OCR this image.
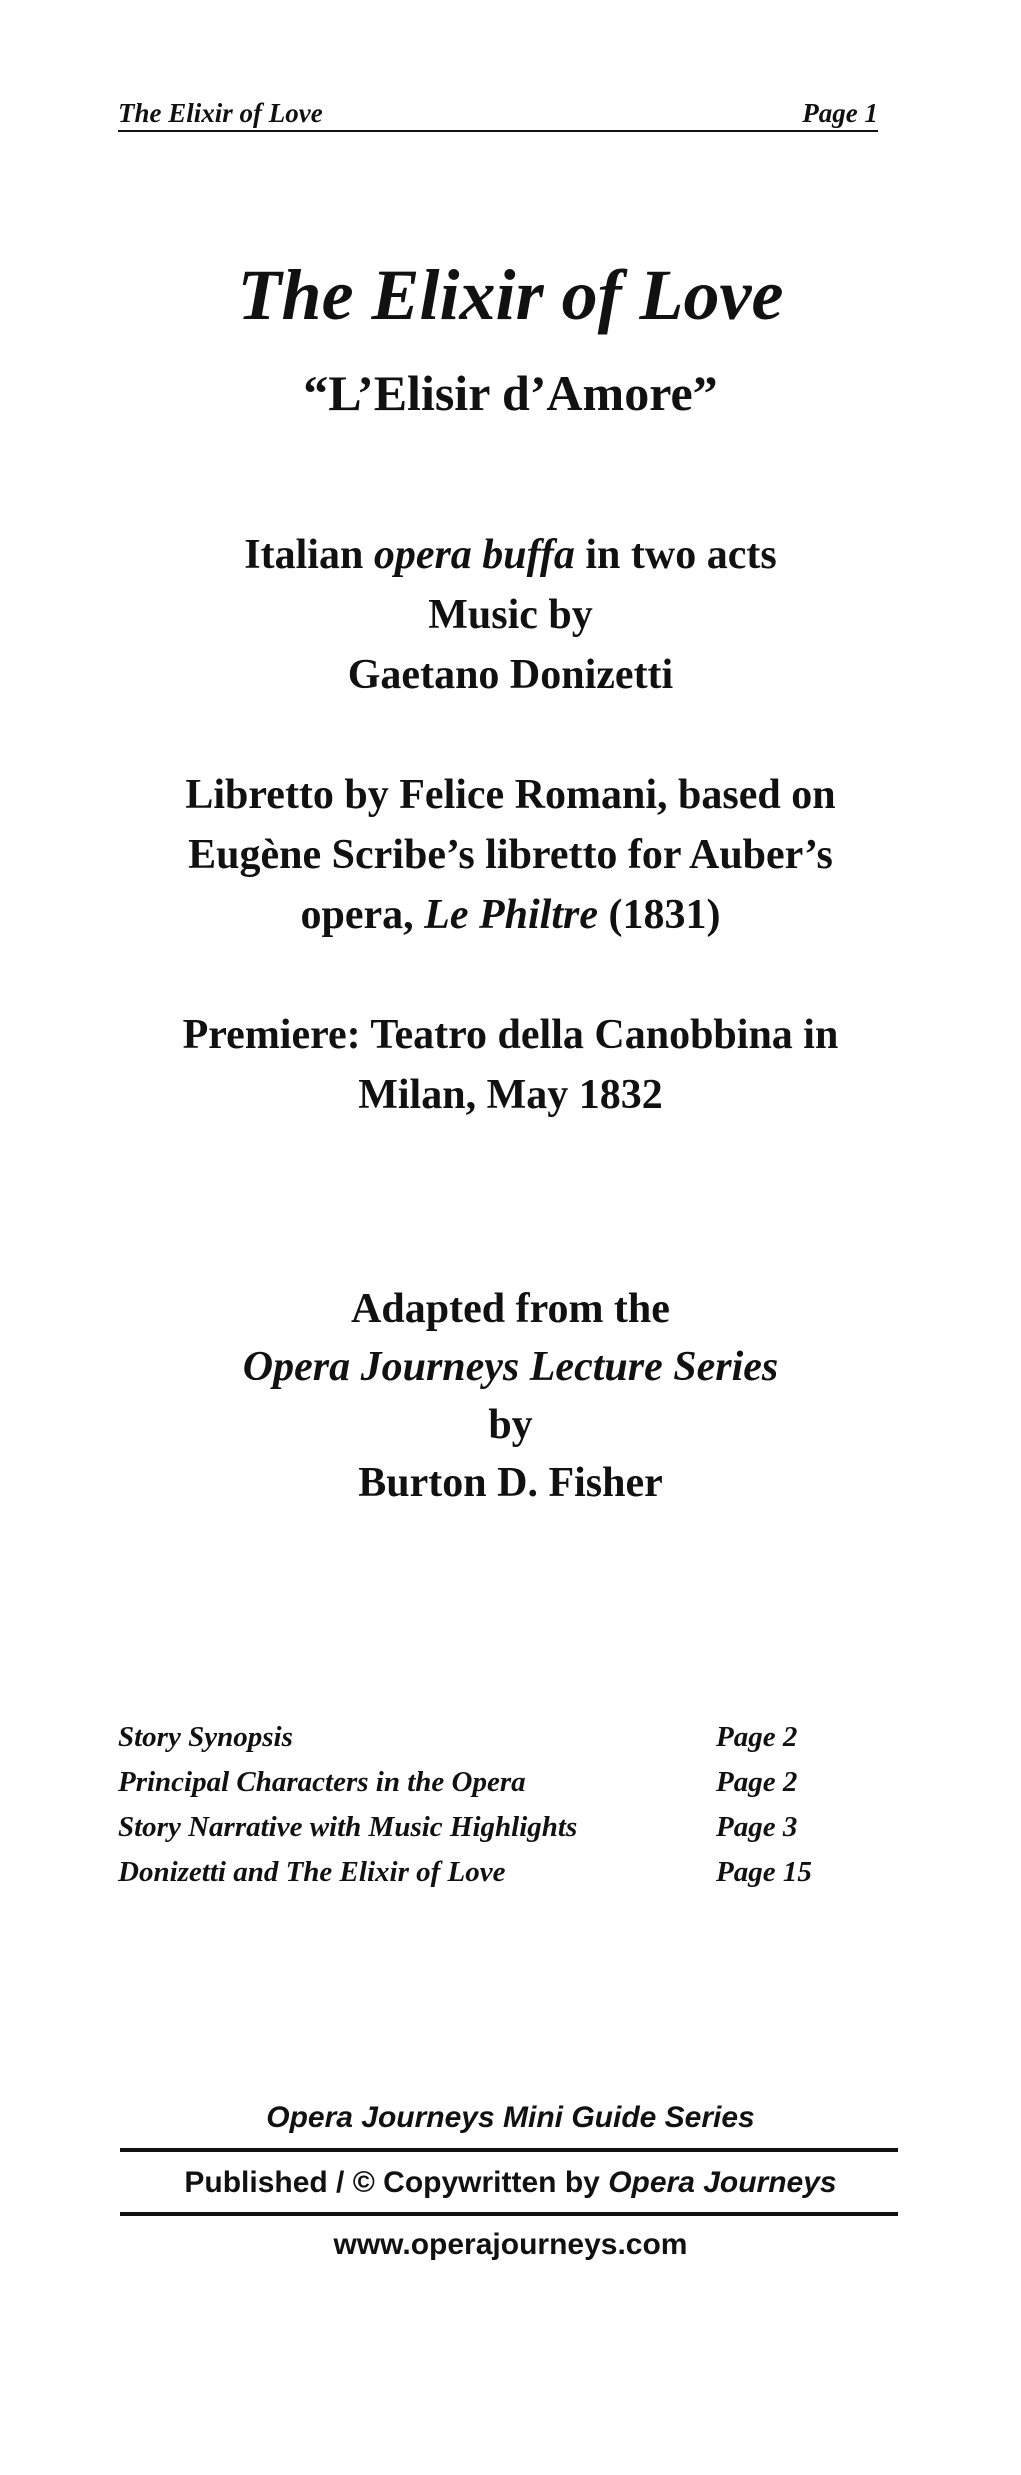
The Elixir of Love	Page 1
The Elixir of Love
“L’Elisir d’Amore”
Italian opera buffa in two acts
Music by
Gaetano Donizetti
Libretto by Felice Romani, based on
Eugène Scribe’s libretto for Auber’s
opera, Le Philtre (1831)
Premiere: Teatro della Canobbina in
Milan, May 1832
Adapted from the
Opera Journeys Lecture Series
by
Burton D. Fisher
Story Synopsis	Page 2
Principal Characters in the Opera	Page 2
Story Narrative with Music Highlights	Page 3
Donizetti and The Elixir of Love	Page 15
Opera Journeys Mini Guide Series
Published / © Copywritten by Opera Journeys
www.operajourneys.com
